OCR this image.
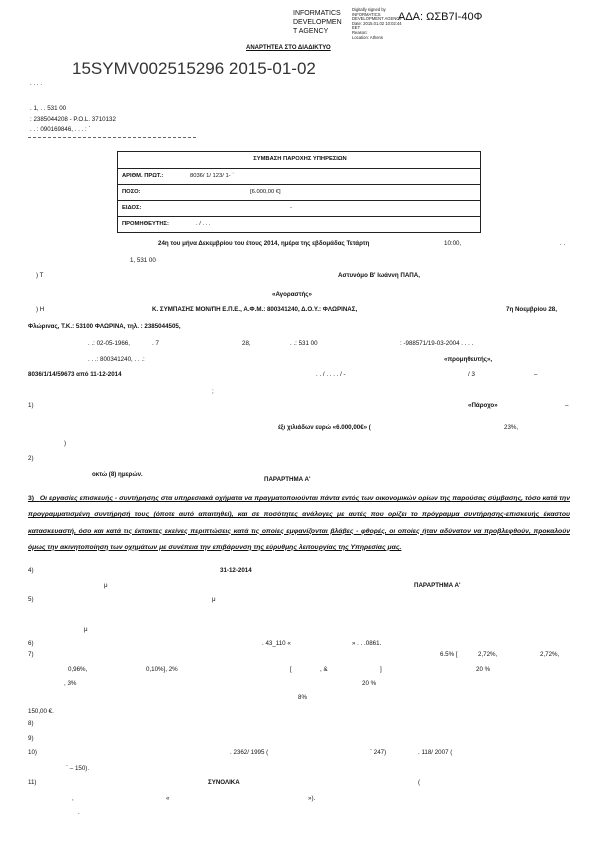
INFORMATICS
DEVELOPMEN
T AGENCY
Digitally signed by
INFORMATICS
DEVELOPMENT AGENCY
Date: 2015.01.02 10:02:44
EET
Reason:
Location: Athens
ΑΔΑ: ΩΣΒ7Ι-40Φ
ΑΝΑΡΤΗΤΕΑ ΣΤΟ ΔΙΑΔΙΚΤΥΟ
15SYMV002515296 2015-01-02
. . . .
. 1, . . 531 00
: 2385044208 - P.O.L. 3710132
. . : 090169846, . . . : `
ΣΥΜΒΑΣΗ ΠΑΡΟΧΗΣ ΥΠΗΡΕΣΙΩΝ
ΑΡΙΘΜ. ΠΡΩΤ.:	8036/ 1/ 123/ 1- `
ΠΟΣΟ:	[6.000,00 €]
ΕΙΔΟΣ:	-
ΠΡΟΜΗΘΕΥΤΗΣ:	. / . . .
24η του μήνα Δεκεμβρίου του έτους 2014, ημέρα της εβδομάδας Τετάρτη	10:00,	. .
1, 531 00
) Τ	Αστυνόμο Β' Ιωάννη ΠΑΠΑ,
«Αγοραστής»
) Η	Κ. ΣΥΜΠΑΣΗΣ ΜΟΝ/ΠΗ Ε.Π.Ε., Α.Φ.Μ.: 800341240, Δ.Ο.Υ.: ΦΛΩΡΙΝΑΣ,	7η Νοεμβρίου 28,
Φλώρινας, Τ.Κ.: 53100 ΦΛΩΡΙΝΑ, τηλ. : 2385044505,
. .: 02-05-1966,	. 7	28,	. .: 531 00	: -988571/19-03-2004 . . . .
. . .: 800341240, . . .:	«προμηθευτής»,
8036/1/14/59673 από 11-12-2014	. . / . . . . / -	/ 3	–
;
1)	«Πάροχο»	–
έξι χιλιάδων ευρώ «6.000,00€» (	23%,
)
2)
οκτώ (8) ημερών.
ΠΑΡΑΡΤΗΜΑ Α'
3) Οι εργασίες επισκευής - συντήρησης στα υπηρεσιακά οχήματα να πραγματοποιούνται πάντα εντός των οικονομικών ορίων της παρούσας σύμβασης, τόσο κατά την προγραμματισμένη συντήρησή τους (όποτε αυτό απαιτηθεί), και σε ποσότητες ανάλογες με αυτές που ορίζει το πρόγραμμα συντήρησης-επισκευής έκαστου κατασκευαστή, όσο και κατά τις έκτακτες εκείνες περιπτώσεις κατά τις οποίες εμφανίζονται βλάβες - φθορές, οι οποίες ήταν αδύνατον να προβλεφθούν, προκαλούν όμως την ακινητοποίηση των οχημάτων με συνέπεια την επιβάρυνση της εύρυθμης λειτουργίας της Υπηρεσίας μας.
4)	31-12-2014
μ	ΠΑΡΑΡΤΗΜΑ Α'
5)	μ
μ
6)	. 43_110 «	» . . .0861.
7)	6.5% [	2,72%,	2,72%,
0,96%,	0,10%], 2%	[	, &	]	20 %
, 3%	20 %
8%
150,00 €.
8)
9)
10)	. 2362/ 1995 (	` 247)	. 118/ 2007 (
` – 150).
11)	ΣΥΝΟΛΙΚΑ	(
,	«	»).
.
